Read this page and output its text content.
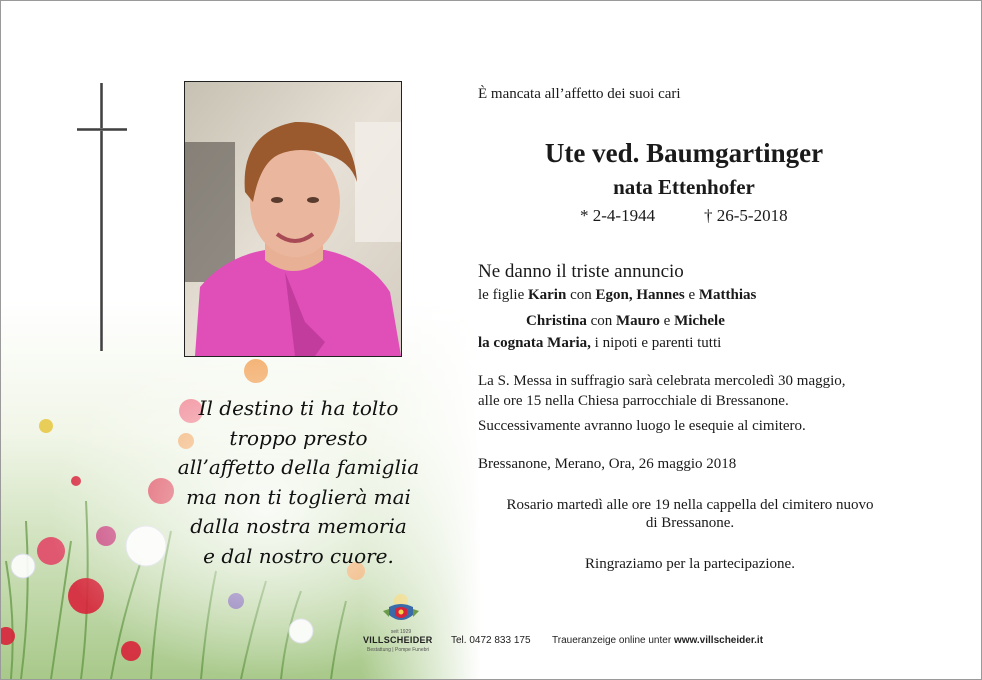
Il destino ti ha tolto
troppo presto
all’affetto della famiglia
ma non ti toglierà mai
dalla nostra memoria
e dal nostro cuore.
È mancata all’affetto dei suoi cari
Ute ved. Baumgartinger
nata Ettenhofer
* 2-4-1944	† 26-5-2018
Ne danno il triste annuncio
le figlie Karin con Egon, Hannes e Matthias
Christina con Mauro e Michele
la cognata Maria, i nipoti e parenti tutti
La S. Messa in suffragio sarà celebrata mercoledì 30 maggio,
alle ore 15 nella Chiesa parrocchiale di Bressanone.
Successivamente avranno luogo le esequie al cimitero.
Bressanone, Merano, Ora, 26 maggio 2018
Rosario martedì alle ore 19 nella cappella del cimitero nuovo
di Bressanone.
Ringraziamo per la partecipazione.
seit 1929
VILLSCHEIDER
Bestattung | Pompe Funebri
Tel. 0472 833 175 Traueranzeige online unter www.villscheider.it
